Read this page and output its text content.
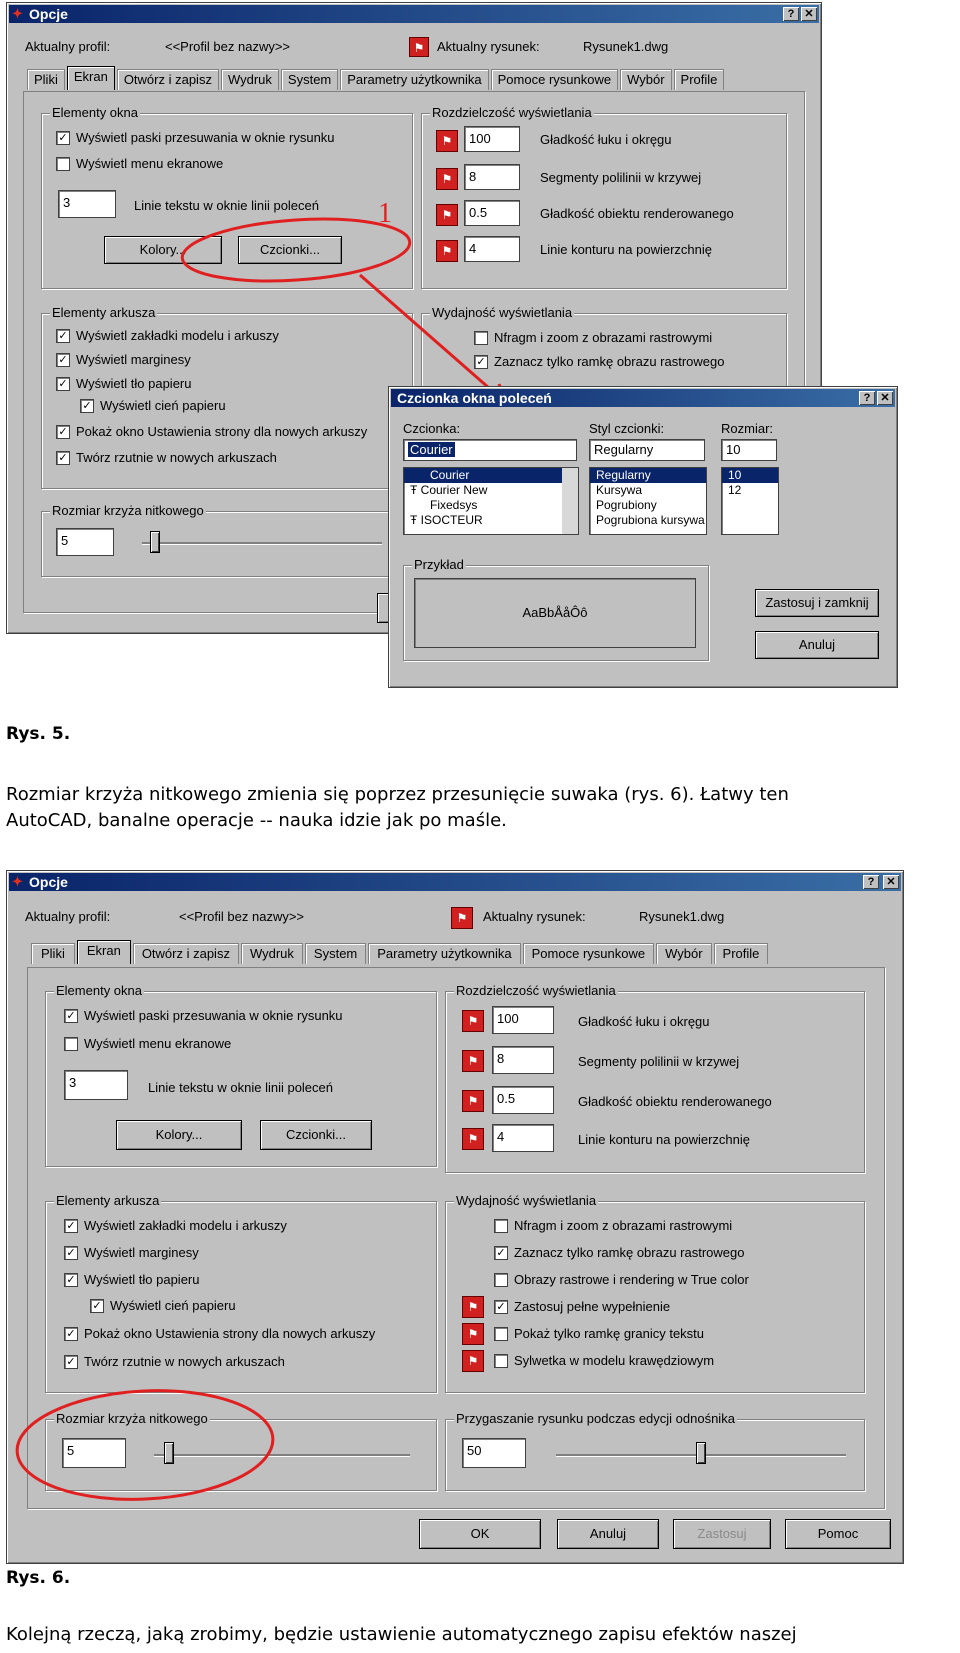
✦ Opcje	? ✕
Aktualny profil:	<<Profil bez nazwy>>	⚑ Aktualny rysunek:	Rysunek1.dwg
Pliki	Ekran	Otwórz i zapisz	Wydruk	System	Parametry użytkownika	Pomoce rysunkowe	Wybór	Profile
Elementy okna
✓ Wyświetl paski przesuwania w oknie rysunku
Wyświetl menu ekranowe
3	Linie tekstu w oknie linii poleceń
Kolory...	Czcionki...
Rozdzielczość wyświetlania
⚑	100	Gładkość łuku i okręgu
⚑	8	Segmenty polilinii w krzywej
⚑	0.5	Gładkość obiektu renderowanego
⚑	4	Linie konturu na powierzchnię
Elementy arkusza
✓ Wyświetl zakładki modelu i arkuszy
✓ Wyświetl marginesy
✓ Wyświetl tło papieru
✓ Wyświetl cień papieru
✓ Pokaż okno Ustawienia strony dla nowych arkuszy
✓ Twórz rzutnie w nowych arkuszach
Wydajność wyświetlania
Nfragm i zoom z obrazami rastrowymi
✓ Zaznacz tylko ramkę obrazu rastrowego
Rozmiar krzyża nitkowego
5
1
Czcionka okna poleceń	? ✕
Czcionka:
Courier
Courier
Ŧ Courier New
Fixedsys
Ŧ ISOCTEUR
Styl czcionki:
Regularny
Regularny
Kursywa
Pogrubiony
Pogrubiona kursywa
Rozmiar:
10
10
12
Przykład
AaBbÅåÔô
Zastosuj i zamknij
Anuluj
Rys. 5.
Rozmiar krzyża nitkowego zmienia się poprzez przesunięcie suwaka (rys. 6). Łatwy ten
AutoCAD, banalne operacje -- nauka idzie jak po maśle.
✦ Opcje	?	✕
Aktualny profil:	<<Profil bez nazwy>>	⚑	Aktualny rysunek:	Rysunek1.dwg
Pliki	Ekran	Otwórz i zapisz	Wydruk	System	Parametry użytkownika	Pomoce rysunkowe	Wybór	Profile
Elementy okna
✓ Wyświetl paski przesuwania w oknie rysunku
Wyświetl menu ekranowe
3	Linie tekstu w oknie linii poleceń
Kolory...	Czcionki...
Rozdzielczość wyświetlania
⚑	100	Gładkość łuku i okręgu
⚑	8	Segmenty polilinii w krzywej
⚑	0.5	Gładkość obiektu renderowanego
⚑	4	Linie konturu na powierzchnię
Elementy arkusza
✓ Wyświetl zakładki modelu i arkuszy
✓ Wyświetl marginesy
✓ Wyświetl tło papieru
✓ Wyświetl cień papieru
✓ Pokaż okno Ustawienia strony dla nowych arkuszy
✓ Twórz rzutnie w nowych arkuszach
Wydajność wyświetlania
Nfragm i zoom z obrazami rastrowymi
✓ Zaznacz tylko ramkę obrazu rastrowego
Obrazy rastrowe i rendering w True color
⚑	✓ Zastosuj pełne wypełnienie
⚑	Pokaż tylko ramkę granicy tekstu
⚑	Sylwetka w modelu krawędziowym
Rozmiar krzyża nitkowego
5
Przygaszanie rysunku podczas edycji odnośnika
50
OK	Anuluj	Zastosuj	Pomoc
Rys. 6.
Kolejną rzeczą, jaką zrobimy, będzie ustawienie automatycznego zapisu efektów naszej
